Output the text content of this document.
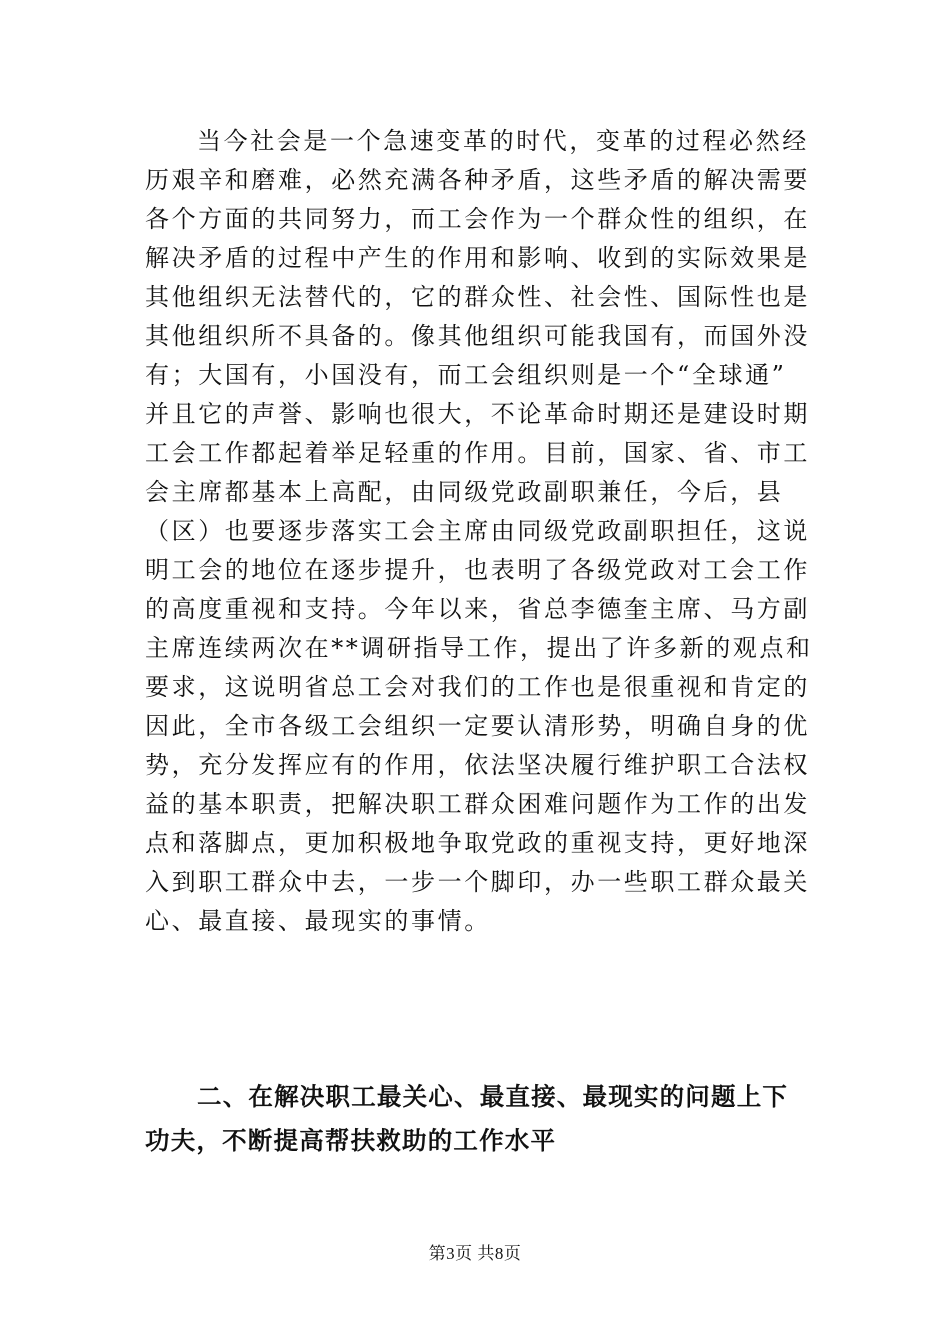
当今社会是一个急速变革的时代，变革的过程必然经
历艰辛和磨难，必然充满各种矛盾，这些矛盾的解决需要
各个方面的共同努力，而工会作为一个群众性的组织，在
解决矛盾的过程中产生的作用和影响、收到的实际效果是
其他组织无法替代的，它的群众性、社会性、国际性也是
其他组织所不具备的。像其他组织可能我国有，而国外没
有；大国有，小国没有，而工会组织则是一个“全球通”
并且它的声誉、影响也很大，不论革命时期还是建设时期
工会工作都起着举足轻重的作用。目前，国家、省、市工
会主席都基本上高配，由同级党政副职兼任，今后，县
（区）也要逐步落实工会主席由同级党政副职担任，这说
明工会的地位在逐步提升，也表明了各级党政对工会工作
的高度重视和支持。今年以来，省总李德奎主席、马方副
主席连续两次在**调研指导工作，提出了许多新的观点和
要求，这说明省总工会对我们的工作也是很重视和肯定的
因此，全市各级工会组织一定要认清形势，明确自身的优
势，充分发挥应有的作用，依法坚决履行维护职工合法权
益的基本职责，把解决职工群众困难问题作为工作的出发
点和落脚点，更加积极地争取党政的重视支持，更好地深
入到职工群众中去，一步一个脚印，办一些职工群众最关
心、最直接、最现实的事情。
二、在解决职工最关心、最直接、最现实的问题上下
功夫，不断提高帮扶救助的工作水平
第3页 共8页
